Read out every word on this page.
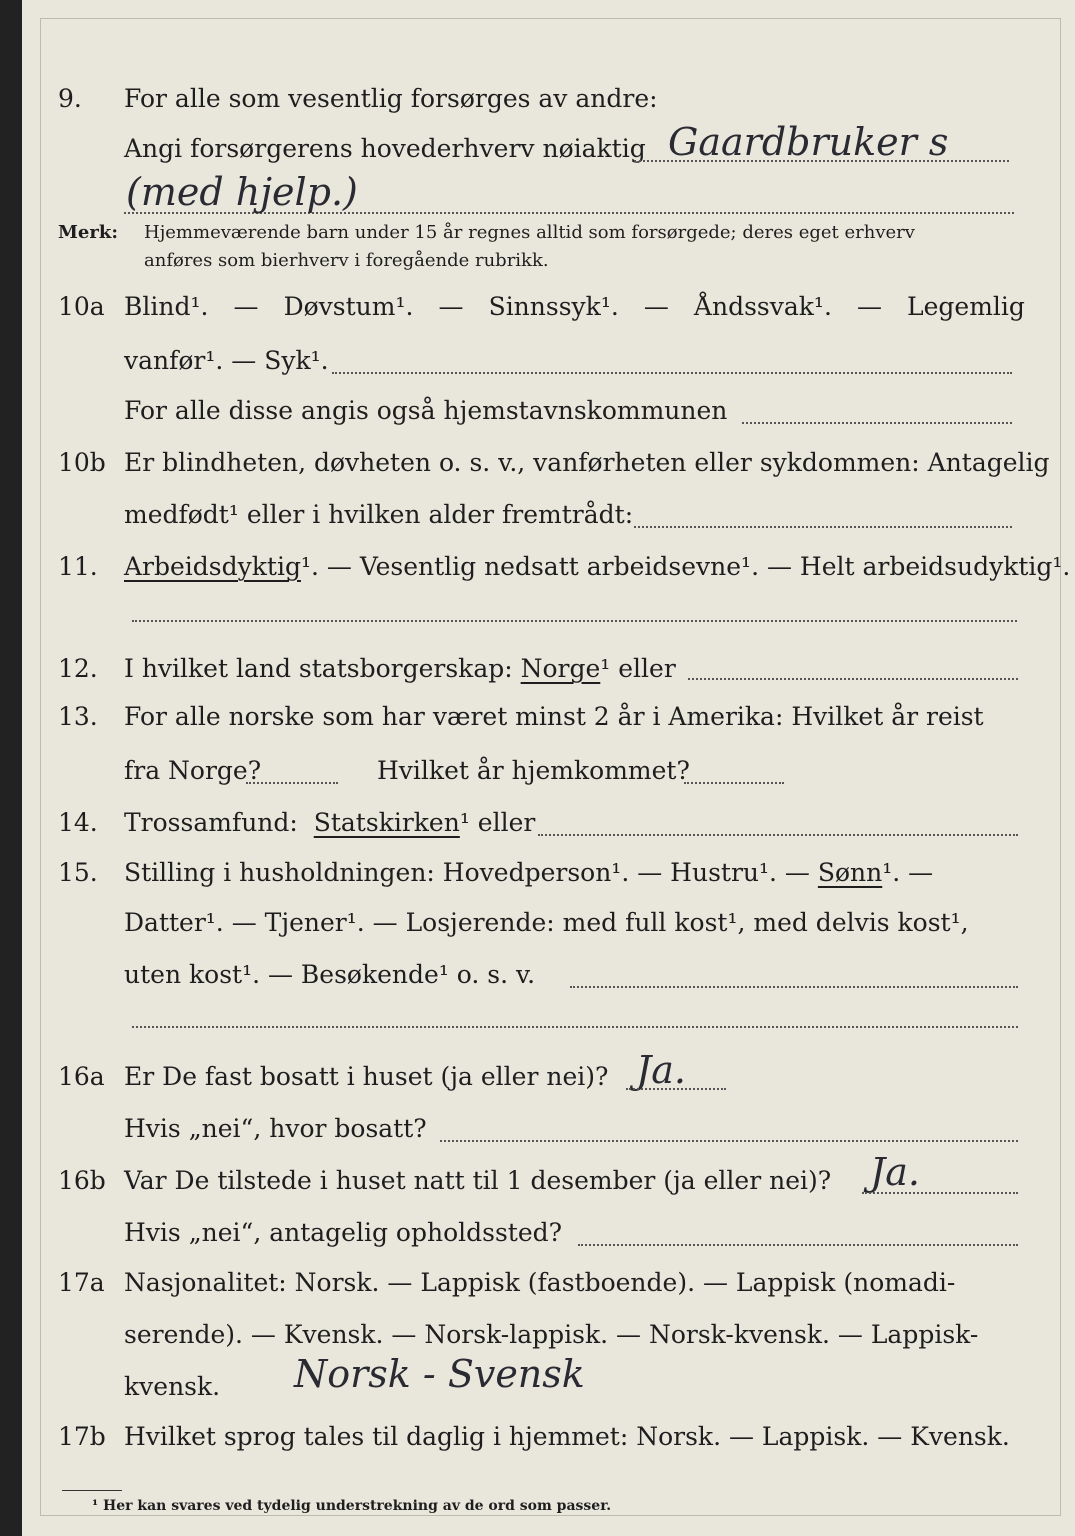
9. For alle som vesentlig forsørges av andre:
Angi forsørgerens hovederhverv nøiaktig Gaardbruker s
(med hjelp.)
Merk: Hjemmeværende barn under 15 år regnes alltid som forsørgede; deres eget erhverv
anføres som bierhverv i foregående rubrikk.
10a Blind¹. — Døvstum¹. — Sinnssyk¹. — Åndssvak¹. — Legemlig
vanfør¹. — Syk¹.
For alle disse angis også hjemstavnskommunen
10b Er blindheten, døvheten o. s. v., vanførheten eller sykdommen: Antagelig
medfødt¹ eller i hvilken alder fremtrådt:
11. Arbeidsdyktig¹. — Vesentlig nedsatt arbeidsevne¹. — Helt arbeidsudyktig¹.
12. I hvilket land statsborgerskap: Norge¹ eller
13. For alle norske som har været minst 2 år i Amerika: Hvilket år reist
fra Norge?	Hvilket år hjemkommet?
14. Trossamfund: Statskirken¹ eller
15. Stilling i husholdningen: Hovedperson¹. — Hustru¹. — Sønn¹. —
Datter¹. — Tjener¹. — Losjerende: med full kost¹, med delvis kost¹,
uten kost¹. — Besøkende¹ o. s. v.
16a Er De fast bosatt i huset (ja eller nei)? Ja.
Hvis „nei“, hvor bosatt?
16b Var De tilstede i huset natt til 1 desember (ja eller nei)? Ja.
Hvis „nei“, antagelig opholdssted?
17a Nasjonalitet: Norsk. — Lappisk (fastboende). — Lappisk (nomadi-
serende). — Kvensk. — Norsk-lappisk. — Norsk-kvensk. — Lappisk-
kvensk. Norsk - Svensk
17b Hvilket sprog tales til daglig i hjemmet: Norsk. — Lappisk. — Kvensk.
¹ Her kan svares ved tydelig understrekning av de ord som passer.
